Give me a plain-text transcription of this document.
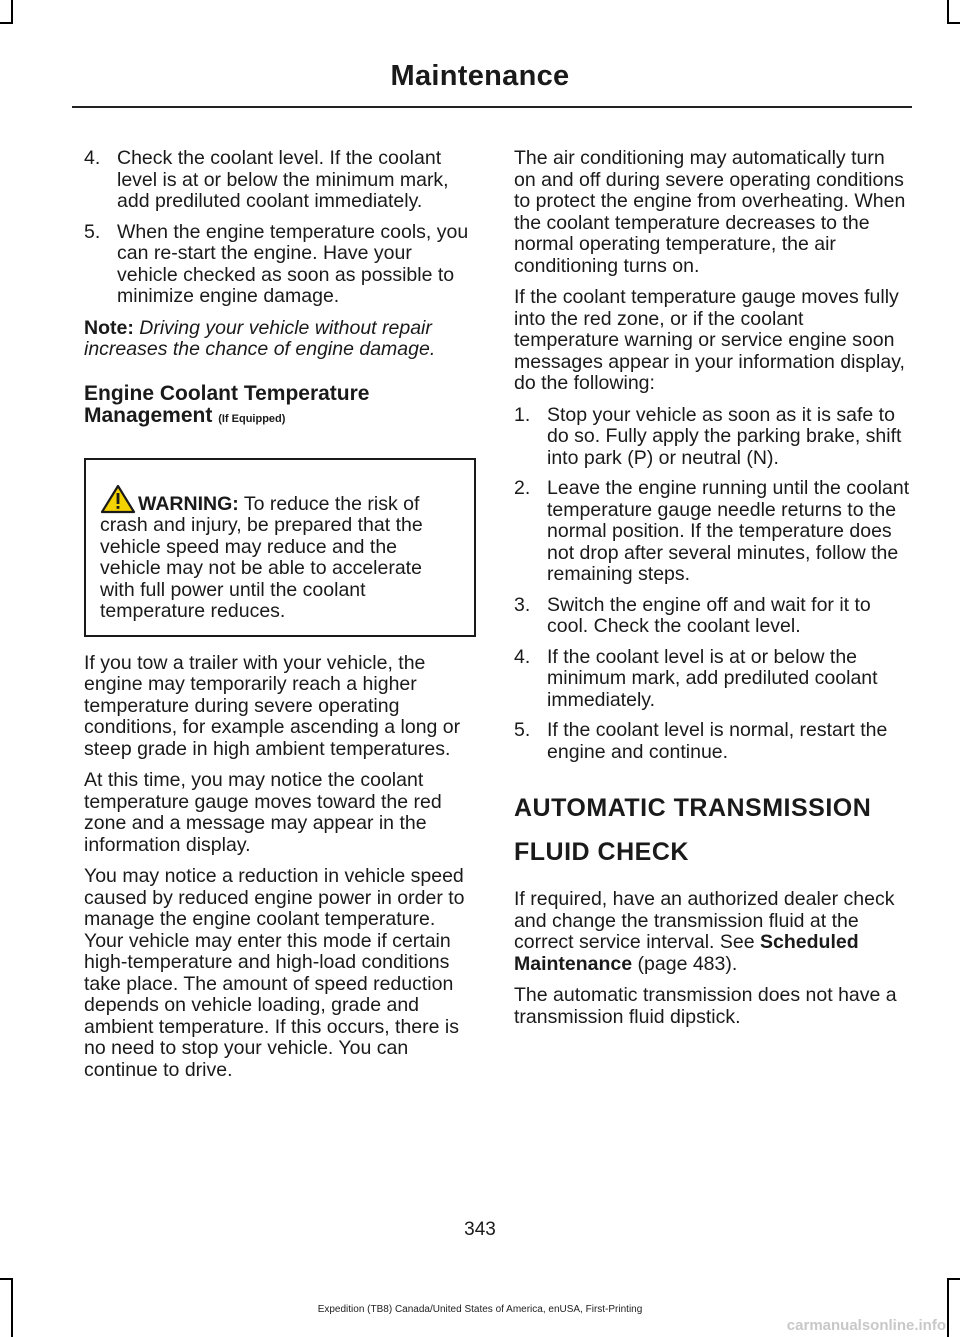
Maintenance
4. Check the coolant level. If the coolant level is at or below the minimum mark, add prediluted coolant immediately.
5. When the engine temperature cools, you can re-start the engine. Have your vehicle checked as soon as possible to minimize engine damage.

Note: Driving your vehicle without repair increases the chance of engine damage.

Engine Coolant Temperature
Management (If Equipped)
WARNING: To reduce the risk of crash and injury, be prepared that the vehicle speed may reduce and the vehicle may not be able to accelerate with full power until the coolant temperature reduces.

If you tow a trailer with your vehicle, the engine may temporarily reach a higher temperature during severe operating conditions, for example ascending a long or steep grade in high ambient temperatures.

At this time, you may notice the coolant temperature gauge moves toward the red zone and a message may appear in the information display.

You may notice a reduction in vehicle speed caused by reduced engine power in order to manage the engine coolant temperature. Your vehicle may enter this mode if certain high-temperature and high-load conditions take place. The amount of speed reduction depends on vehicle loading, grade and ambient temperature. If this occurs, there is no need to stop your vehicle. You can continue to drive.

The air conditioning may automatically turn on and off during severe operating conditions to protect the engine from overheating. When the coolant temperature decreases to the normal operating temperature, the air conditioning turns on.

If the coolant temperature gauge moves fully into the red zone, or if the coolant temperature warning or service engine soon messages appear in your information display, do the following:

1. Stop your vehicle as soon as it is safe to do so. Fully apply the parking brake, shift into park (P) or neutral (N).
2. Leave the engine running until the coolant temperature gauge needle returns to the normal position. If the temperature does not drop after several minutes, follow the remaining steps.
3. Switch the engine off and wait for it to cool. Check the coolant level.
4. If the coolant level is at or below the minimum mark, add prediluted coolant immediately.
5. If the coolant level is normal, restart the engine and continue.
AUTOMATIC TRANSMISSION
FLUID CHECK

If required, have an authorized dealer check and change the transmission fluid at the correct service interval. See Scheduled Maintenance (page 483).

The automatic transmission does not have a transmission fluid dipstick.

343
Expedition (TB8) Canada/United States of America, enUSA, First-Printing
carmanualsonline.info
